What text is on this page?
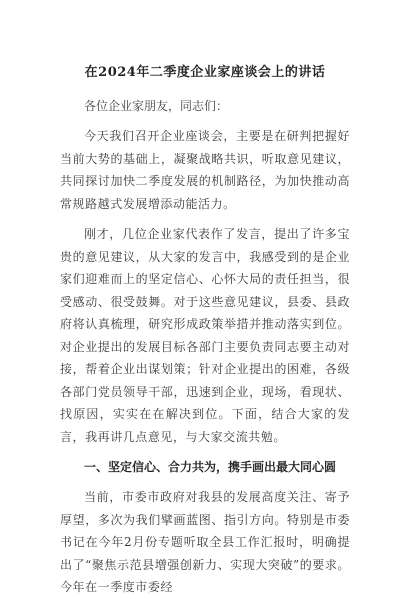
在2024年二季度企业家座谈会上的讲话

各位企业家朋友，同志们：

今天我们召开企业座谈会，主要是在研判把握好当前大势的基础上，凝聚战略共识，听取意见建议，共同探讨加快二季度发展的机制路径，为加快推动高常规路越式发展增添动能活力。

刚才，几位企业家代表作了发言，提出了许多宝贵的意见建议，从大家的发言中，我感受到的是企业家们迎难而上的坚定信心、心怀大局的责任担当，很受感动、很受鼓舞。对于这些意见建议，县委、县政府将认真梳理，研究形成政策举措并推动落实到位。对企业提出的发展目标各部门主要负责同志要主动对接，帮着企业出谋划策；针对企业提出的困难，各级各部门党员领导干部，迅速到企业，现场，看现状、找原因，实实在在解决到位。下面，结合大家的发言，我再讲几点意见，与大家交流共勉。

一、坚定信心、合力共为，携手画出最大同心圆

当前，市委市政府对我县的发展高度关注、寄予厚望，多次为我们擘画蓝图、指引方向。特别是市委书记在今年2月份专题听取全县工作汇报时，明确提出了“聚焦示范县增强创新力、实现大突破”的要求。今年在一季度市委经
